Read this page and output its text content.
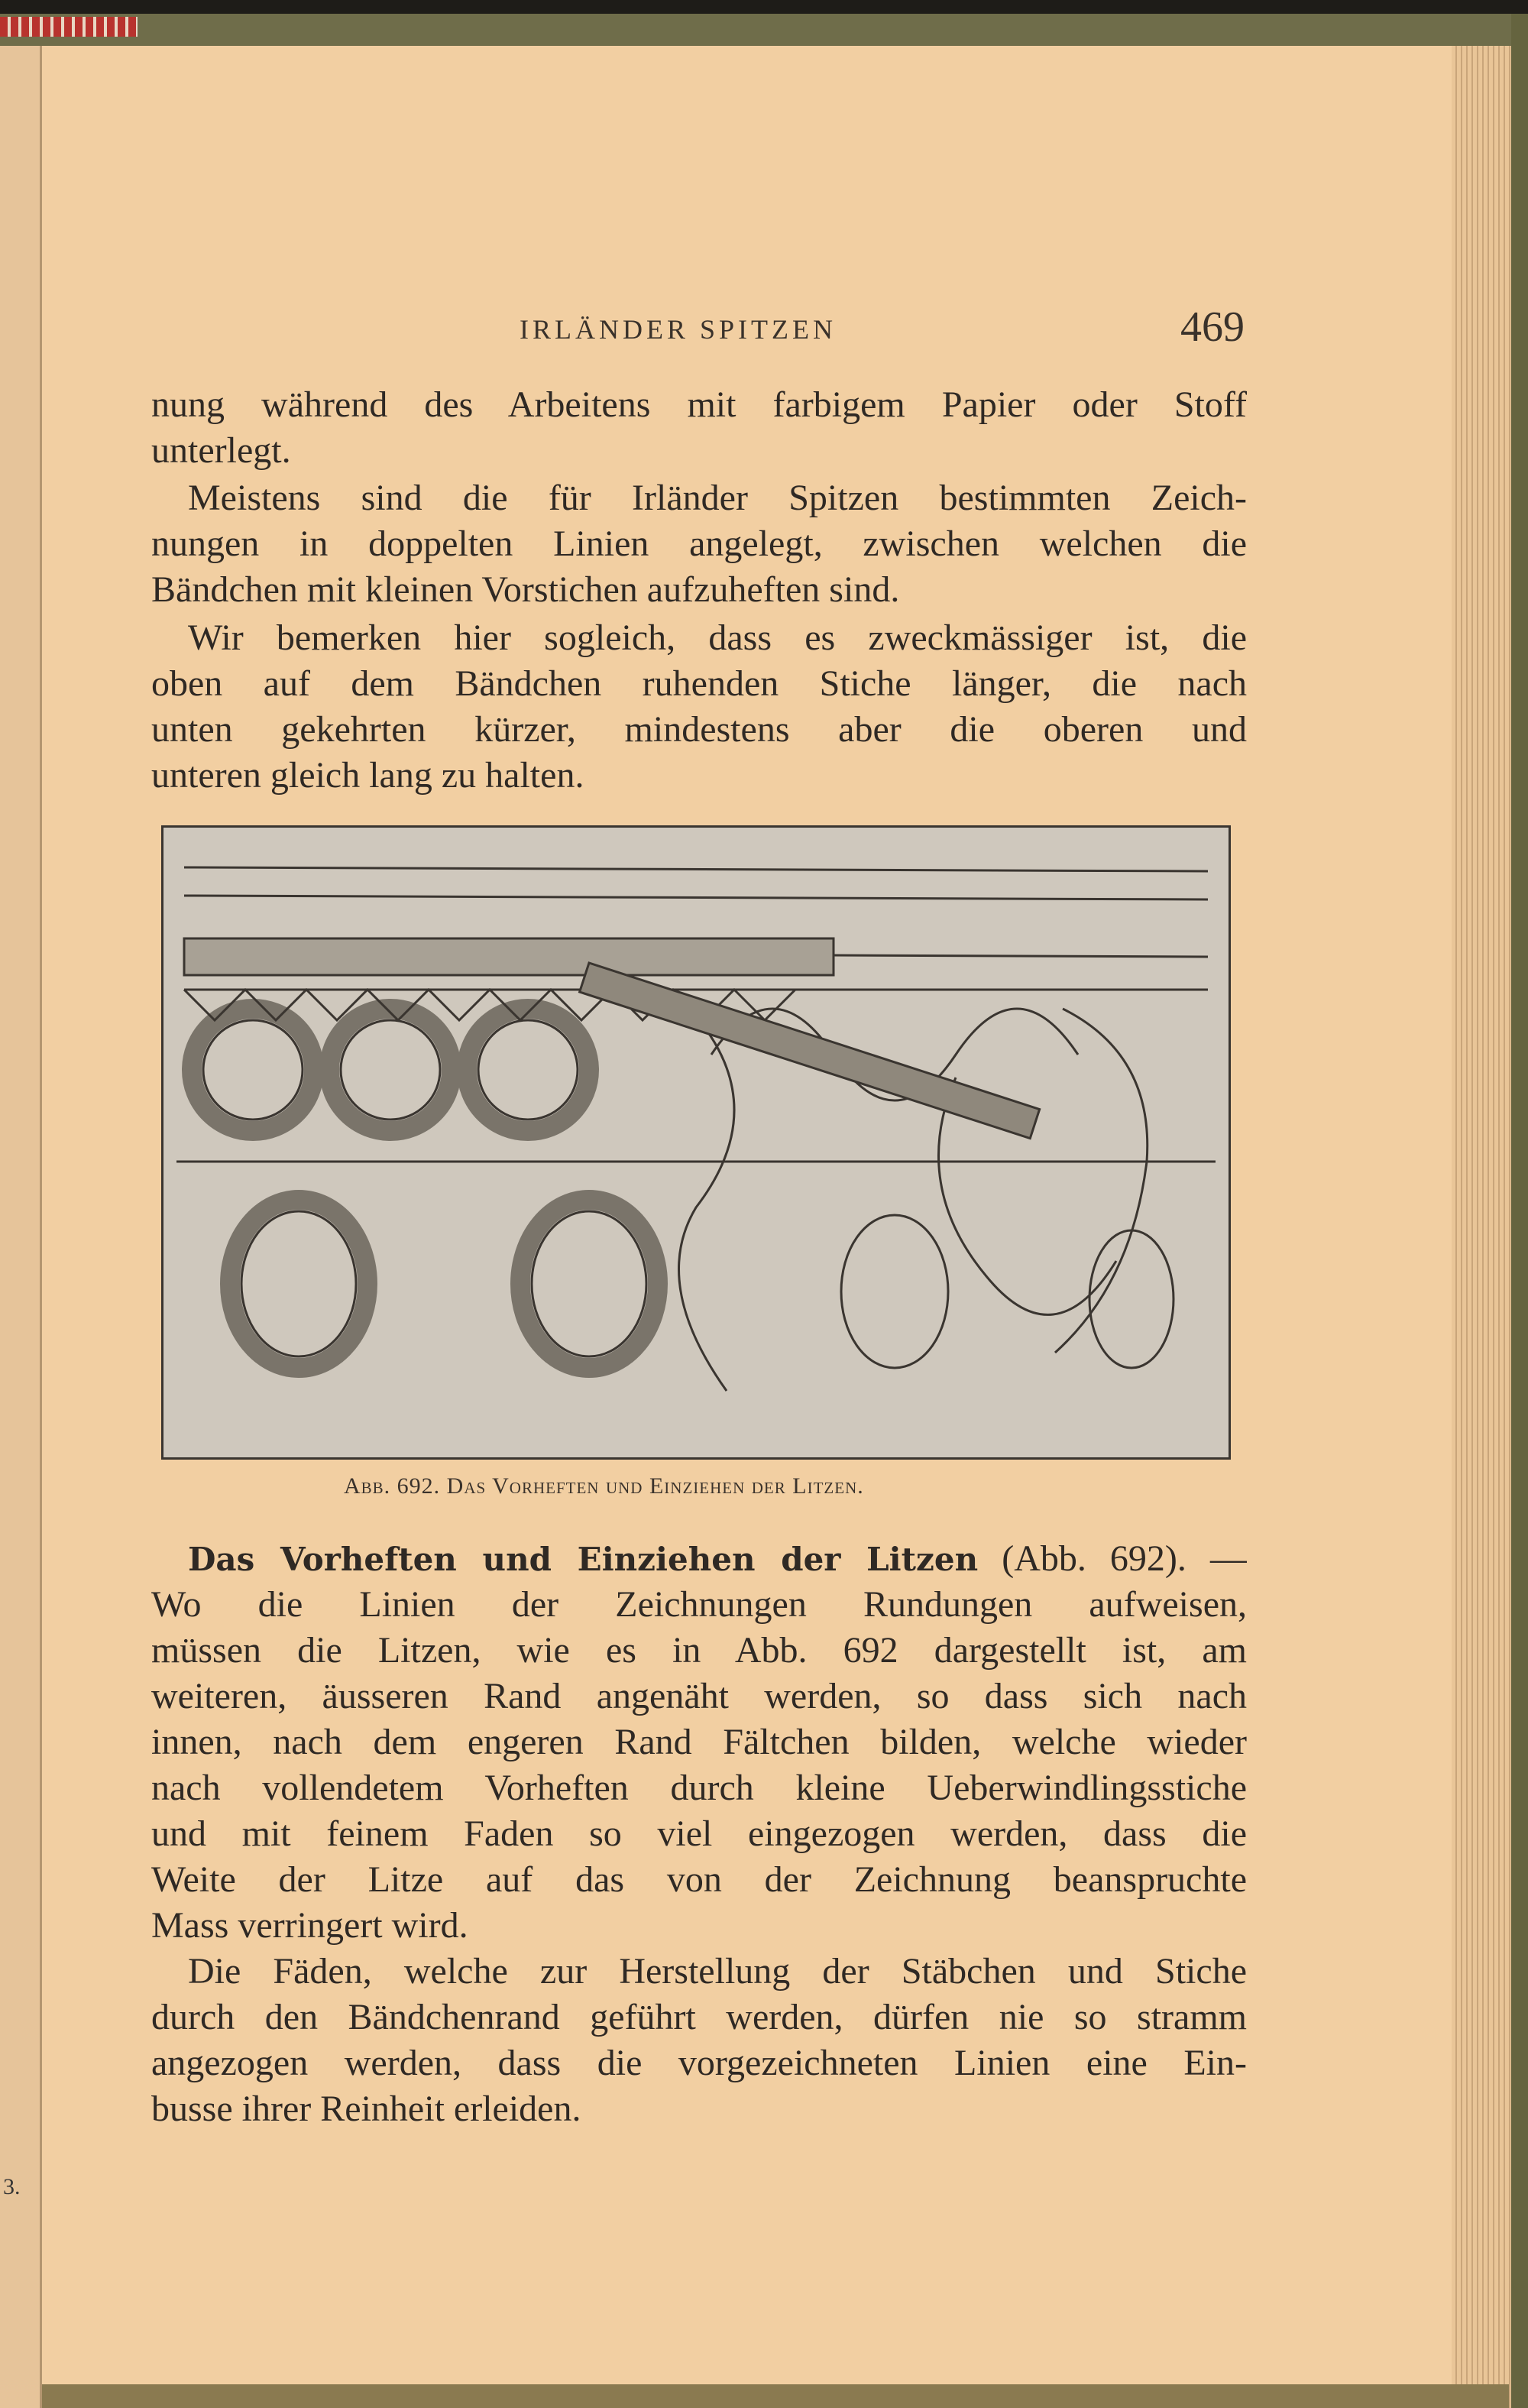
3.
IRLÄNDER SPITZEN	469
nung während des Arbeitens mit farbigem Papier oder Stoff
unterlegt.
Meistens sind die für Irländer Spitzen bestimmten Zeich-
nungen in doppelten Linien angelegt, zwischen welchen die
Bändchen mit kleinen Vorstichen aufzuheften sind.
Wir bemerken hier sogleich, dass es zweckmässiger ist, die
oben auf dem Bändchen ruhenden Stiche länger, die nach
unten gekehrten kürzer, mindestens aber die oberen und
unteren gleich lang zu halten.
Abb. 692. Das Vorheften und Einziehen der Litzen.
Das Vorheften und Einziehen der Litzen (Abb. 692). —
Wo die Linien der Zeichnungen Rundungen aufweisen,
müssen die Litzen, wie es in Abb. 692 dargestellt ist, am
weiteren, äusseren Rand angenäht werden, so dass sich nach
innen, nach dem engeren Rand Fältchen bilden, welche wieder
nach vollendetem Vorheften durch kleine Ueberwindlingsstiche
und mit feinem Faden so viel eingezogen werden, dass die
Weite der Litze auf das von der Zeichnung beanspruchte
Mass verringert wird.
Die Fäden, welche zur Herstellung der Stäbchen und Stiche
durch den Bändchenrand geführt werden, dürfen nie so stramm
angezogen werden, dass die vorgezeichneten Linien eine Ein-
busse ihrer Reinheit erleiden.
